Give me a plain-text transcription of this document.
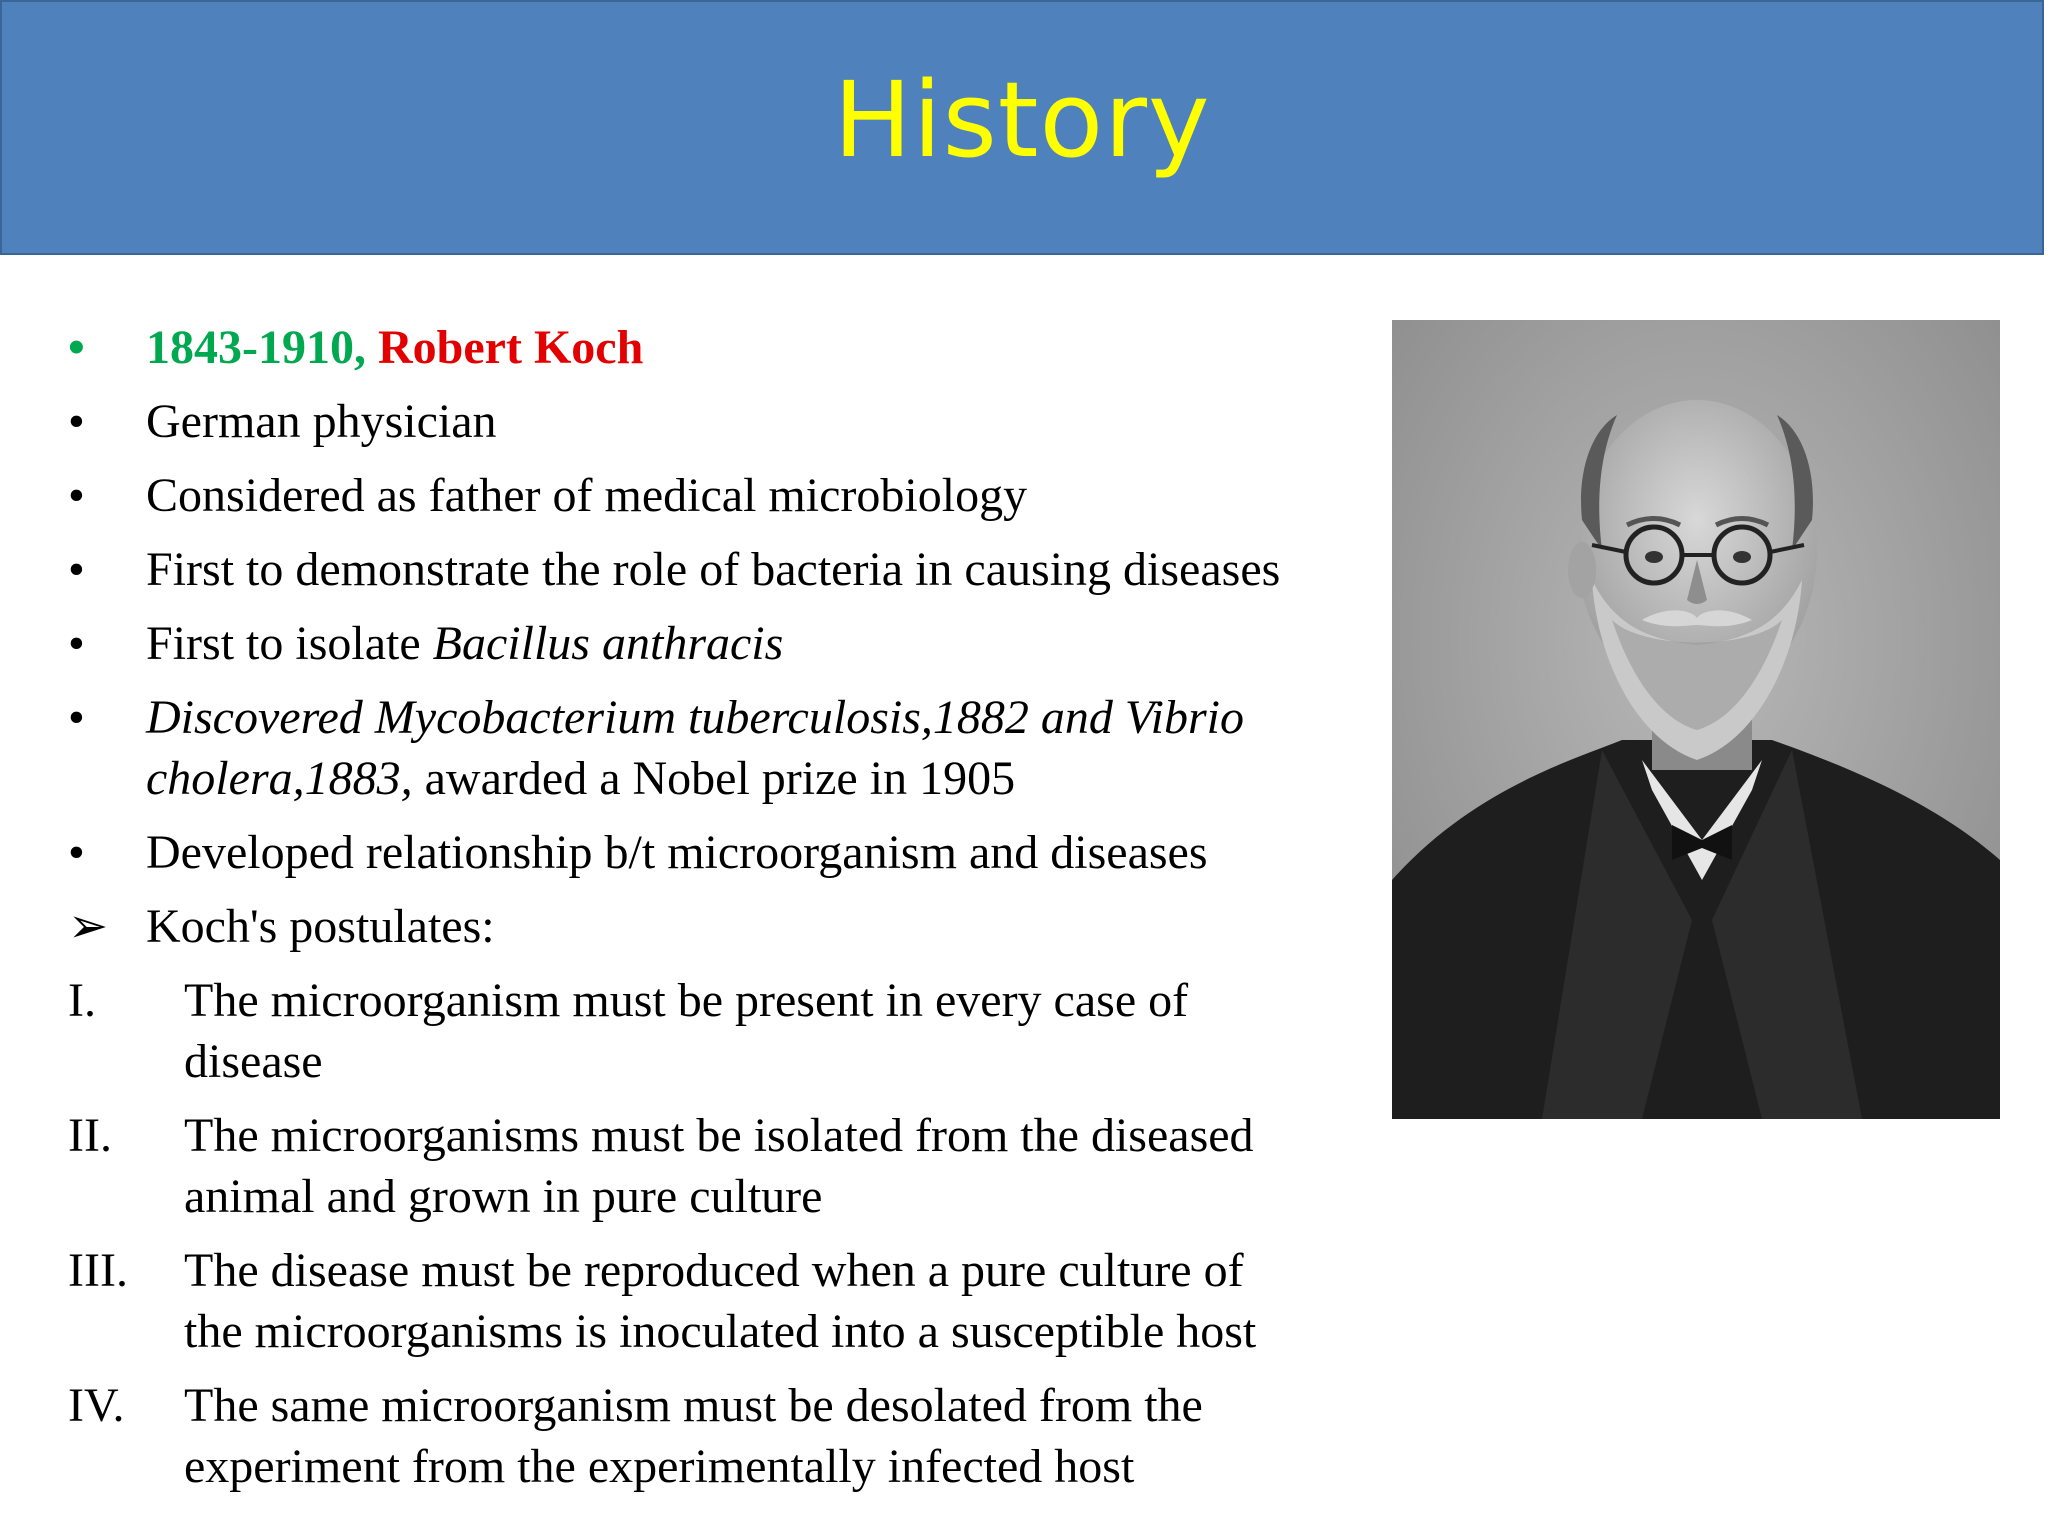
History
•	1843-1910, Robert Koch
•	German physician
•	Considered as father of medical microbiology
•	First to demonstrate the role of bacteria in causing diseases
•	First to isolate Bacillus anthracis
•	Discovered Mycobacterium tuberculosis,1882 and Vibrio
cholera,1883, awarded a Nobel prize in 1905
•	Developed relationship b/t microorganism and diseases
➢ Koch's postulates:
I. The microorganism must be present in every case of
disease
II. The microorganisms must be isolated from the diseased
animal and grown in pure culture
III. The disease must be reproduced when a pure culture of
the microorganisms is inoculated into a susceptible host
IV. The same microorganism must be desolated from the
experiment from the experimentally infected host
